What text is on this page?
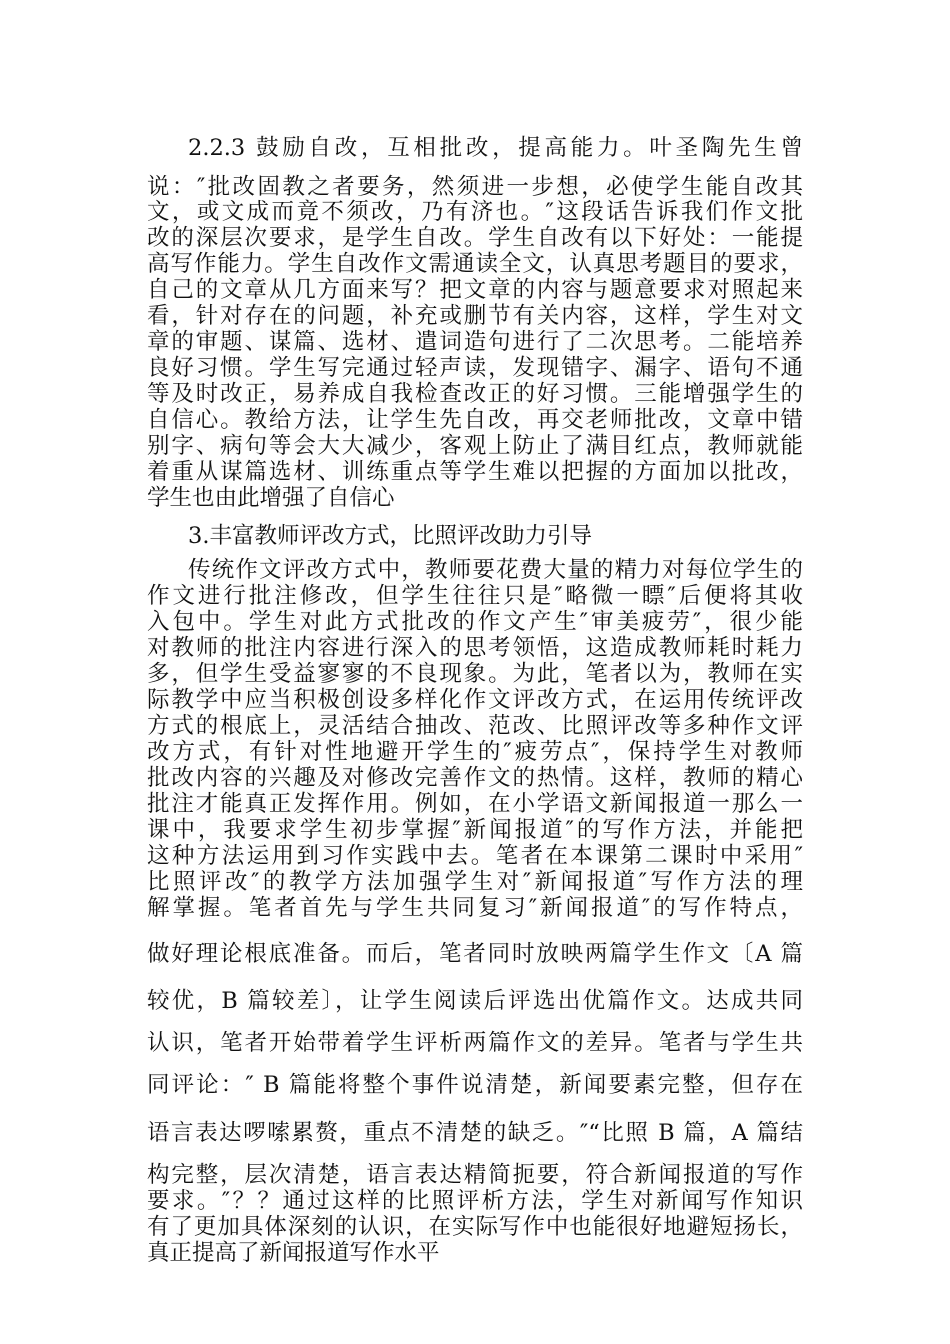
2.2.3 鼓励自改，互相批改，提高能力。叶圣陶先生曾

说：″批改固教之者要务，然须进一步想，必使学生能自改其

文，或文成而竟不须改，乃有济也。″这段话告诉我们作文批

改的深层次要求，是学生自改。学生自改有以下好处：一能提

高写作能力。学生自改作文需通读全文，认真思考题目的要求，

自己的文章从几方面来写？把文章的内容与题意要求对照起来

看，针对存在的问题，补充或删节有关内容，这样，学生对文

章的审题、谋篇、选材、遣词造句进行了二次思考。二能培养

良好习惯。学生写完通过轻声读，发现错字、漏字、语句不通

等及时改正，易养成自我检查改正的好习惯。三能增强学生的

自信心。教给方法，让学生先自改，再交老师批改，文章中错

别字、病句等会大大减少，客观上防止了满目红点，教师就能

着重从谋篇选材、训练重点等学生难以把握的方面加以批改，

学生也由此增强了自信心

3.丰富教师评改方式，比照评改助力引导

传统作文评改方式中，教师要花费大量的精力对每位学生的

作文进行批注修改，但学生往往只是″略微一瞟″后便将其收

入包中。学生对此方式批改的作文产生″审美疲劳″，很少能

对教师的批注内容进行深入的思考领悟，这造成教师耗时耗力

多，但学生受益寥寥的不良现象。为此，笔者以为，教师在实

际教学中应当积极创设多样化作文评改方式，在运用传统评改

方式的根底上，灵活结合抽改、范改、比照评改等多种作文评

改方式，有针对性地避开学生的″疲劳点″，保持学生对教师

批改内容的兴趣及对修改完善作文的热情。这样，教师的精心

批注才能真正发挥作用。例如，在小学语文新闻报道一那么一

课中，我要求学生初步掌握″新闻报道″的写作方法，并能把

这种方法运用到习作实践中去。笔者在本课第二课时中采用″

比照评改″的教学方法加强学生对″新闻报道″写作方法的理

解掌握。笔者首先与学生共同复习″新闻报道″的写作特点，

做好理论根底准备。而后，笔者同时放映两篇学生作文〔A 篇

较优，B 篇较差〕，让学生阅读后评选出优篇作文。达成共同

认识，笔者开始带着学生评析两篇作文的差异。笔者与学生共

同评论：″ B 篇能将整个事件说清楚，新闻要素完整，但存在

语言表达啰嗦累赘，重点不清楚的缺乏。″“比照 B 篇，A 篇结

构完整，层次清楚，语言表达精简扼要，符合新闻报道的写作

要求。″？？通过这样的比照评析方法，学生对新闻写作知识

有了更加具体深刻的认识，在实际写作中也能很好地避短扬长，

真正提高了新闻报道写作水平
